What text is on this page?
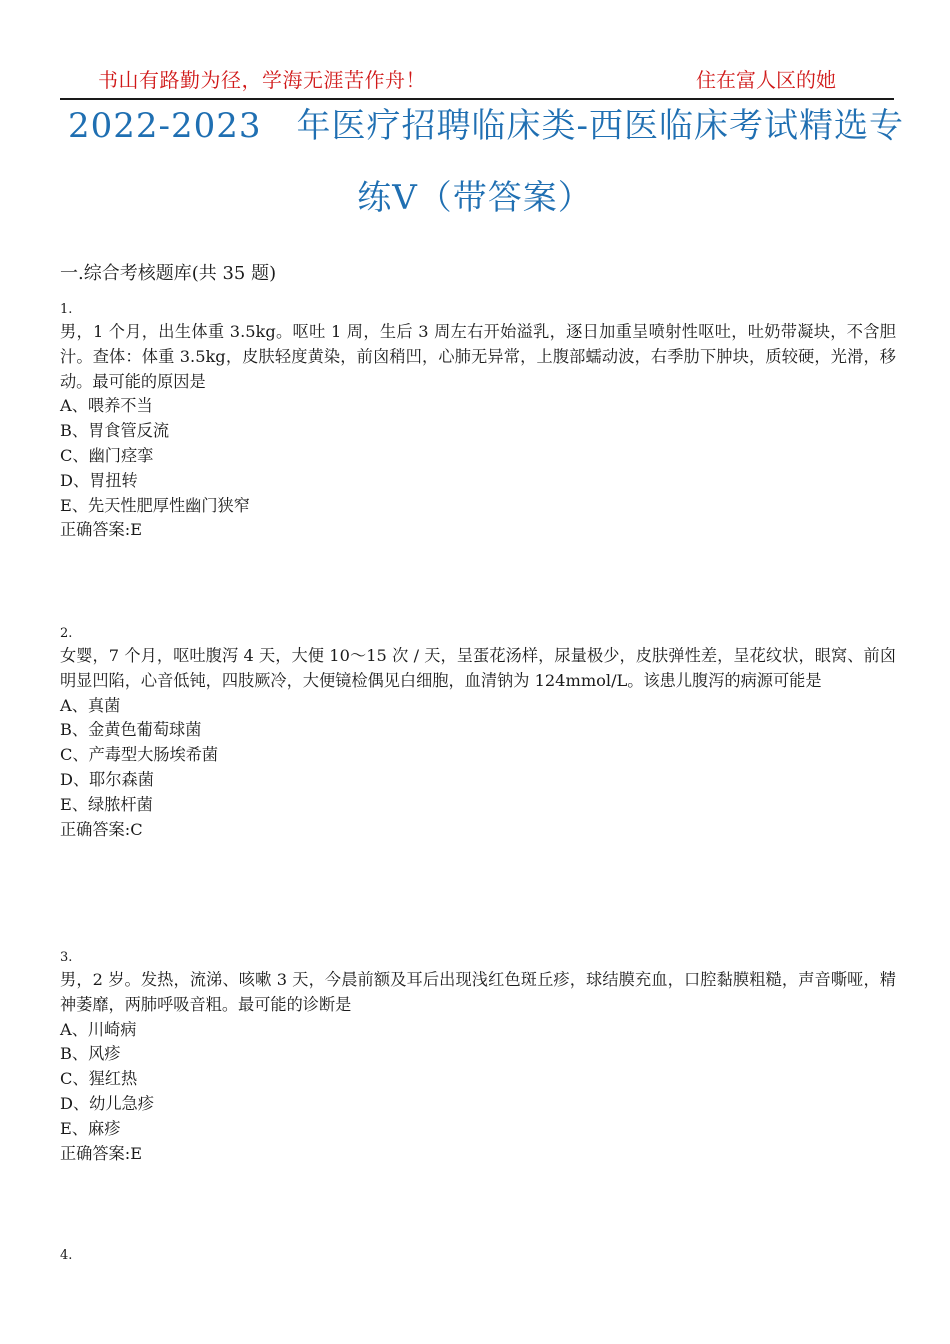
书山有路勤为径，学海无涯苦作舟！	住在富人区的她
2022-2023　年医疗招聘临床类-西医临床考试精选专
练Ⅴ（带答案）
一.综合考核题库(共 35 题)
1.
男，1 个月，出生体重 3.5kg。呕吐 1 周，生后 3 周左右开始溢乳，逐日加重呈喷射性呕吐，吐奶带凝块，不含胆汁。查体：体重 3.5kg，皮肤轻度黄染，前囟稍凹，心肺无异常，上腹部蠕动波，右季肋下肿块，质较硬，光滑，移动。最可能的原因是
A、喂养不当
B、胃食管反流
C、幽门痉挛
D、胃扭转
E、先天性肥厚性幽门狭窄
正确答案:E
2.
女婴，7 个月，呕吐腹泻 4 天，大便 10～15 次 / 天，呈蛋花汤样，尿量极少，皮肤弹性差，呈花纹状，眼窝、前囟明显凹陷，心音低钝，四肢厥冷，大便镜检偶见白细胞，血清钠为 124mmol/L。该患儿腹泻的病源可能是
A、真菌
B、金黄色葡萄球菌
C、产毒型大肠埃希菌
D、耶尔森菌
E、绿脓杆菌
正确答案:C
3.
男，2 岁。发热，流涕、咳嗽 3 天，今晨前额及耳后出现浅红色斑丘疹，球结膜充血，口腔黏膜粗糙，声音嘶哑，精神萎靡，两肺呼吸音粗。最可能的诊断是
A、川崎病
B、风疹
C、猩红热
D、幼儿急疹
E、麻疹
正确答案:E
4.
